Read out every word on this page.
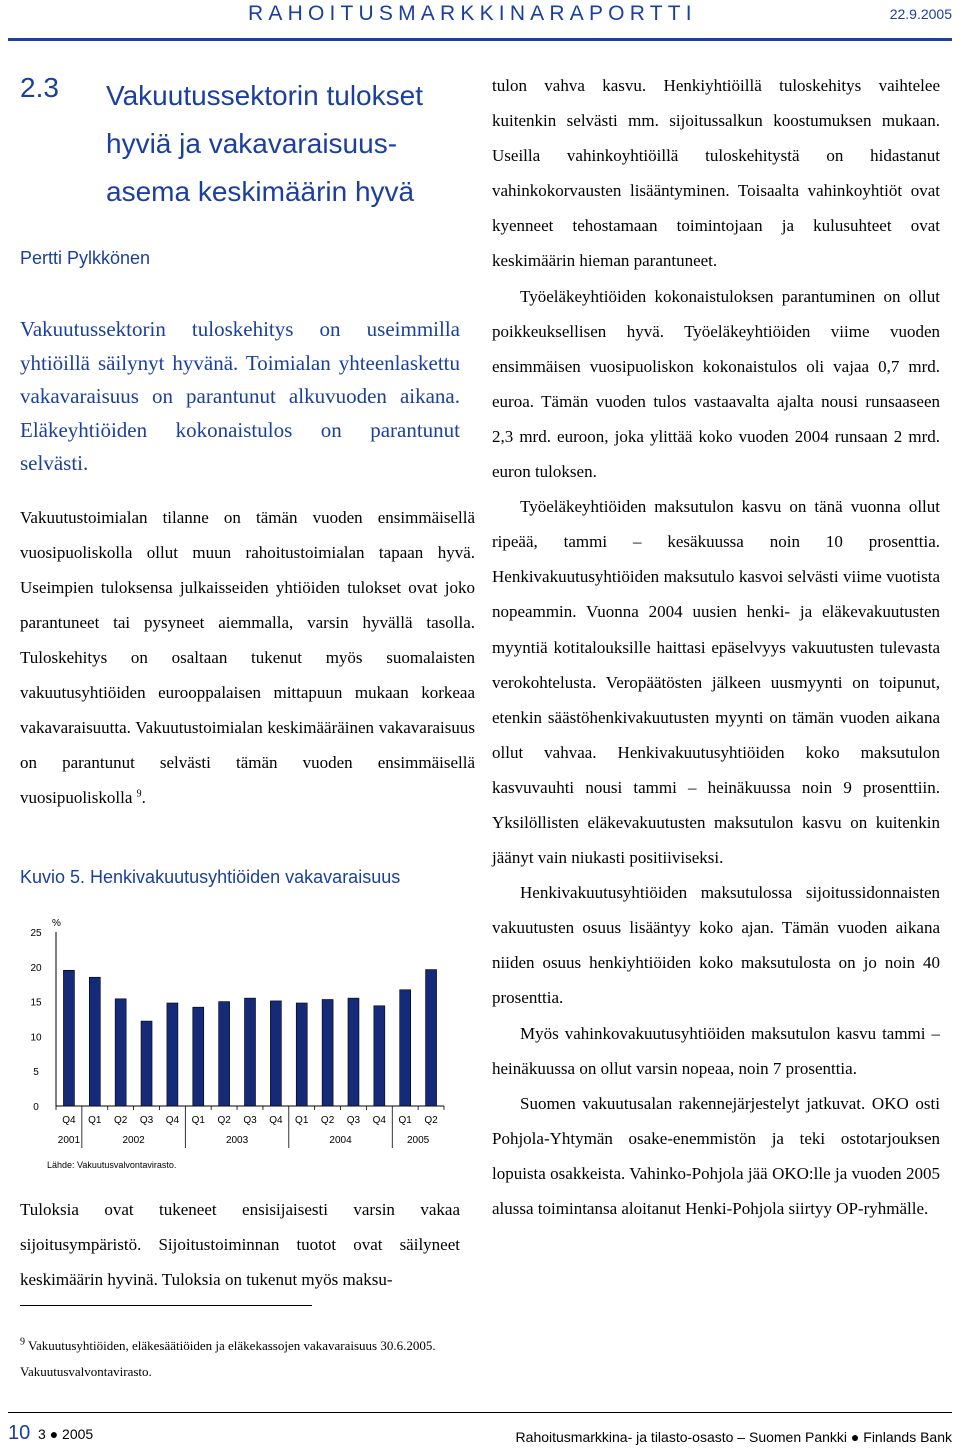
RAHOITUSMARKKINARAPORTTI	22.9.2005
2.3 Vakuutussektorin tulokset hyviä ja vakavaraisuus-asema keskimäärin hyvä
Pertti Pylkkönen
Vakuutussektorin tuloskehitys on useimmilla yhtiöillä säilynyt hyvänä. Toimialan yhteenlaskettu vakavaraisuus on parantunut alkuvuoden aikana. Eläkeyhtiöiden kokonaistulos on parantunut selvästi.
Vakuutustoimialan tilanne on tämän vuoden ensimmäisellä vuosipuoliskolla ollut muun rahoitustoimialan tapaan hyvä. Useimpien tuloksensa julkaisseiden yhtiöiden tulokset ovat joko parantuneet tai pysyneet aiemmalla, varsin hyvällä tasolla. Tuloskehitys on osaltaan tukenut myös suomalaisten vakuutusyhtiöiden eurooppalaisen mittapuun mukaan korkeaa vakavaraisuutta. Vakuutustoimialan keskimääräinen vakavaraisuus on parantunut selvästi tämän vuoden ensimmäisellä vuosipuoliskolla $^9$.
Kuvio 5. Henkivakuutusyhtiöiden vakavaraisuus
%
0
5
10
15
20
25
Q4 Q1 Q2 Q3 Q4 Q1 Q2 Q3 Q4 Q1 Q2 Q3 Q4 Q1 Q2
2001	2002	2003	2004	2005
Lähde: Vakuutusvalvontavirasto.
Tuloksia ovat tukeneet ensisijaisesti varsin vakaa sijoitusympäristö. Sijoitustoiminnan tuotot ovat säilyneet keskimäärin hyvinä. Tuloksia on tukenut myös maksu-
$^9$ Vakuutusyhtiöiden, eläkesäätiöiden ja eläkekassojen vakavaraisuus 30.6.2005. Vakuutusvalvontavirasto.

tulon vahva kasvu. Henkiyhtiöillä tuloskehitys vaihtelee kuitenkin selvästi mm. sijoitussalkun koostumuksen mukaan. Useilla vahinkoyhtiöillä tuloskehitystä on hidastanut vahinkokorvausten lisääntyminen. Toisaalta vahinkoyhtiöt ovat kyenneet tehostamaan toimintojaan ja kulusuhteet ovat keskimäärin hieman parantuneet.

Työeläkeyhtiöiden kokonaistuloksen parantuminen on ollut poikkeuksellisen hyvä. Työeläkeyhtiöiden viime vuoden ensimmäisen vuosipuoliskon kokonaistulos oli vajaa 0,7 mrd. euroa. Tämän vuoden tulos vastaavalta ajalta nousi runsaaseen 2,3 mrd. euroon, joka ylittää koko vuoden 2004 runsaan 2 mrd. euron tuloksen.

Työeläkeyhtiöiden maksutulon kasvu on tänä vuonna ollut ripeää, tammi – kesäkuussa noin 10 prosenttia. Henkivakuutusyhtiöiden maksutulo kasvoi selvästi viime vuotista nopeammin. Vuonna 2004 uusien henki- ja eläkevakuutusten myyntiä kotitalouksille haittasi epäselvyys vakuutusten tulevasta verokohtelusta. Veropäätösten jälkeen uusmyynti on toipunut, etenkin säästöhenkivakuutusten myynti on tämän vuoden aikana ollut vahvaa. Henkivakuutusyhtiöiden koko maksutulon kasvuvauhti nousi tammi – heinäkuussa noin 9 prosenttiin. Yksilöllisten eläkevakuutusten maksutulon kasvu on kuitenkin jäänyt vain niukasti positiiviseksi.

Henkivakuutusyhtiöiden maksutulossa sijoitussidonnaisten vakuutusten osuus lisääntyy koko ajan. Tämän vuoden aikana niiden osuus henkiyhtiöiden koko maksutulosta on jo noin 40 prosenttia.

Myös vahinkovakuutusyhtiöiden maksutulon kasvu tammi – heinäkuussa on ollut varsin nopeaa, noin 7 prosenttia.

Suomen vakuutusalan rakennejärjestelyt jatkuvat. OKO osti Pohjola-Yhtymän osake-enemmistön ja teki ostotarjouksen lopuista osakkeista. Vahinko-Pohjola jää OKO:lle ja vuoden 2005 alussa toimintansa aloitanut Henki-Pohjola siirtyy OP-ryhmälle.

10 3 ● 2005	Rahoitusmarkkina- ja tilasto-osasto – Suomen Pankki ● Finlands Bank
